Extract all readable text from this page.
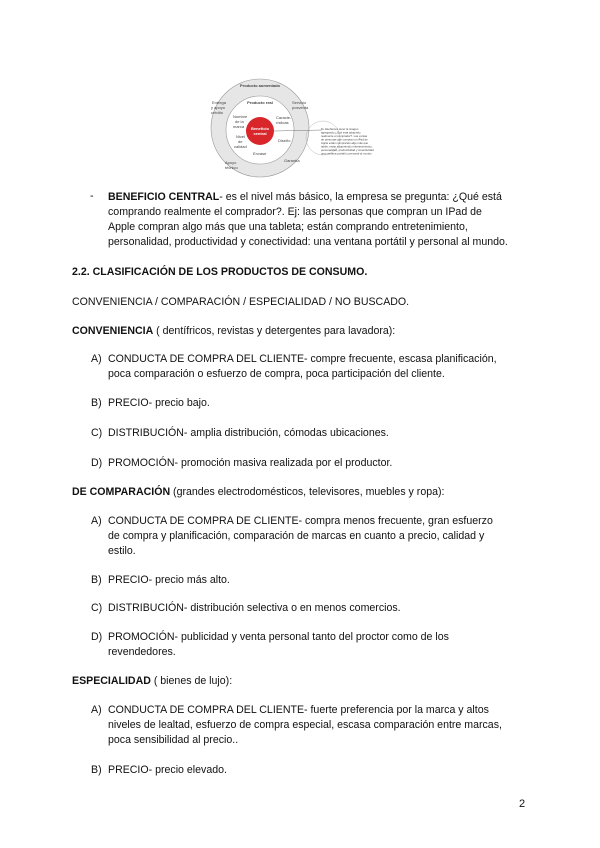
Producto aumentado
Producto real
Beneficio
central
Entrega
y apoyo
crédito
Servicio
posventa
Nombre
de la
marca
Caracte-
rísticas
Diseño
Nivel
de
calidad
Envase
Garantía
Apoyo
técnico
Te diseñamos tener la imagen
agregando ¿Qué está adquirido
realmente el comprador?. Las ventas
de personas que compran un iPad de
Apple están comprando algo más que
tablet, están adquiriendo entretenimiento,
personalidad, productividad y conectividad
una ventana portátil y personal al mundo
- BENEFICIO CENTRAL- es el nivel más básico, la empresa se pregunta: ¿Qué está
comprando realmente el comprador?. Ej: las personas que compran un IPad de
Apple compran algo más que una tableta; están comprando entretenimiento,
personalidad, productividad y conectividad: una ventana portátil y personal al mundo.
2.2. CLASIFICACIÓN DE LOS PRODUCTOS DE CONSUMO.
CONVENIENCIA / COMPARACIÓN / ESPECIALIDAD / NO BUSCADO.
CONVENIENCIA ( dentífricos, revistas y detergentes para lavadora):
A) CONDUCTA DE COMPRA DEL CLIENTE- compre frecuente, escasa planificación,
poca comparación o esfuerzo de compra, poca participación del cliente.
B) PRECIO- precio bajo.
C) DISTRIBUCIÓN- amplia distribución, cómodas ubicaciones.
D) PROMOCIÓN- promoción masiva realizada por el productor.
DE COMPARACIÓN (grandes electrodomésticos, televisores, muebles y ropa):
A) CONDUCTA DE COMPRA DE CLIENTE- compra menos frecuente, gran esfuerzo
de compra y planificación, comparación de marcas en cuanto a precio, calidad y
estilo.
B) PRECIO- precio más alto.
C) DISTRIBUCIÓN- distribución selectiva o en menos comercios.
D) PROMOCIÓN- publicidad y venta personal tanto del proctor como de los
revendedores.
ESPECIALIDAD ( bienes de lujo):
A) CONDUCTA DE COMPRA DEL CLIENTE- fuerte preferencia por la marca y altos
niveles de lealtad, esfuerzo de compra especial, escasa comparación entre marcas,
poca sensibilidad al precio..
B) PRECIO- precio elevado.
2
